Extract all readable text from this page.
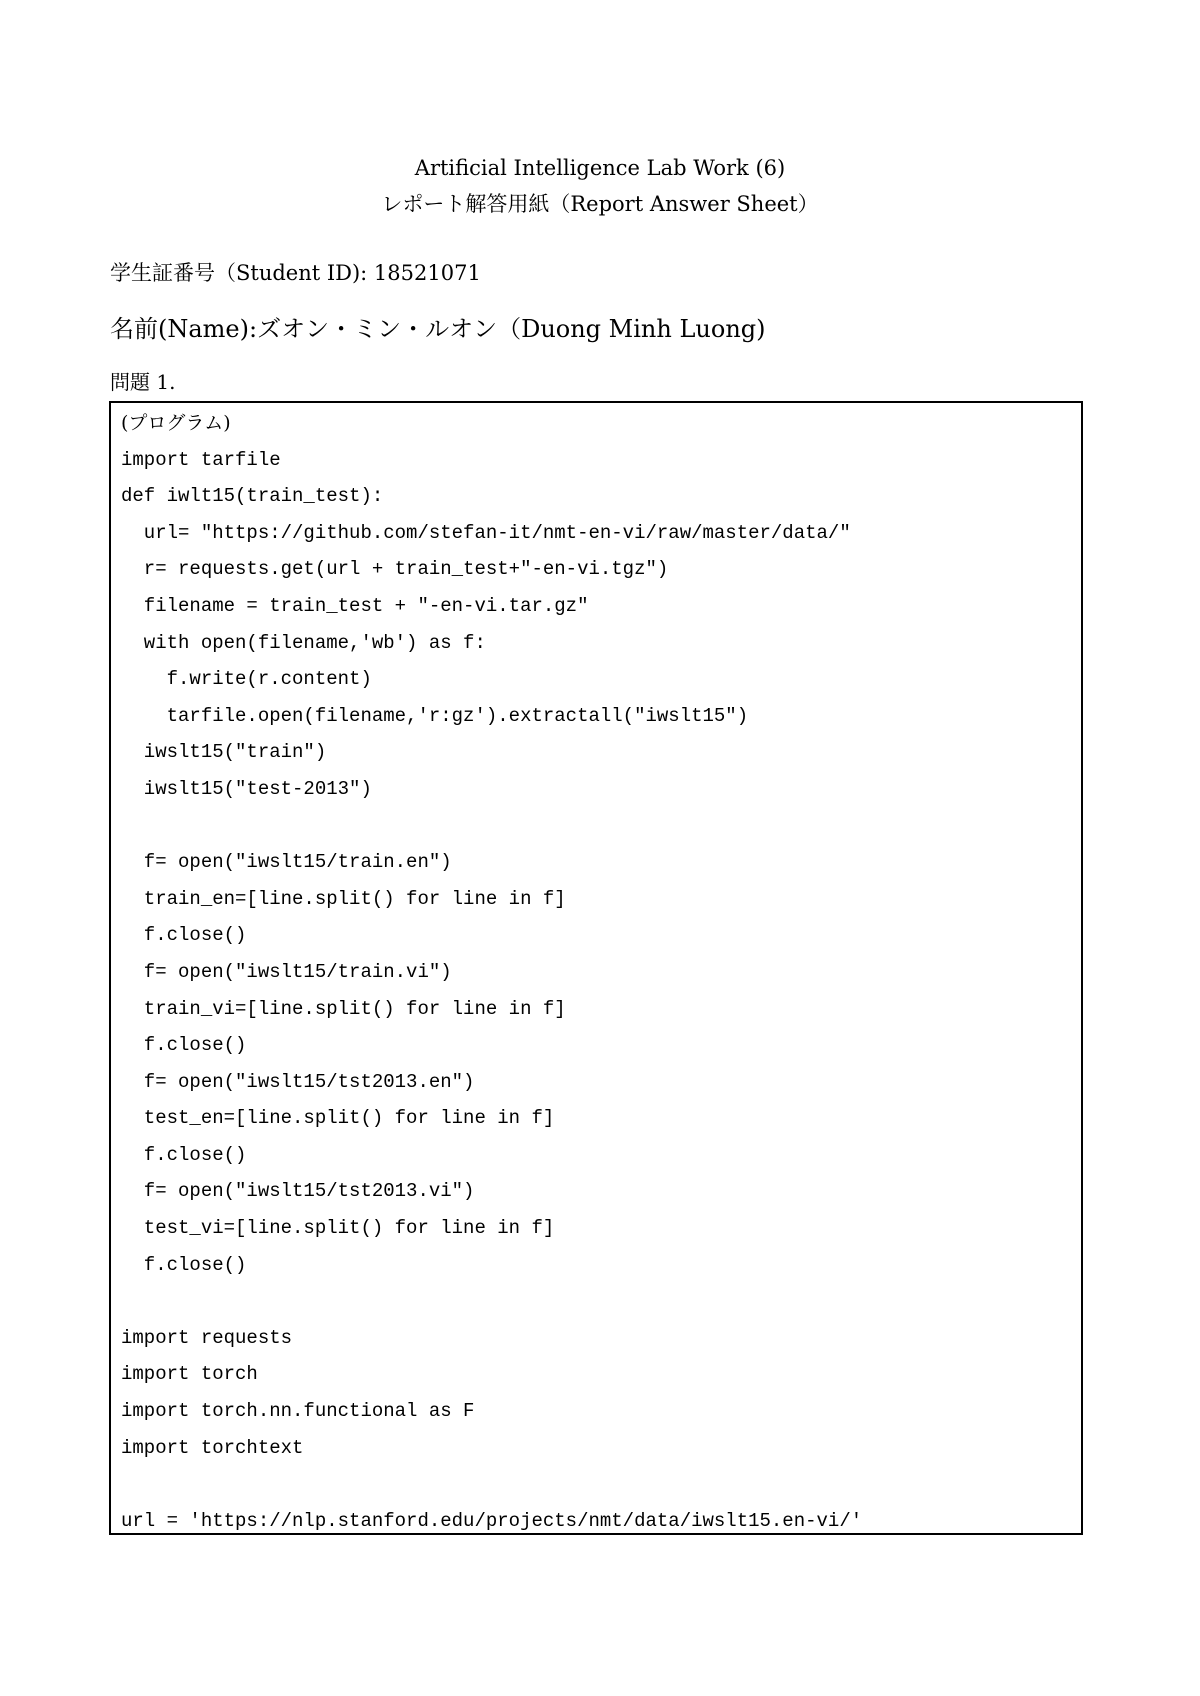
Artificial Intelligence Lab Work (6)
レポート解答用紙（Report Answer Sheet）
学生証番号（Student ID): 18521071
名前(Name):ズオン・ミン・ルオン（Duong Minh Luong)
問題 1.
(プログラム)
import tarfile
def iwlt15(train_test):
url= "https://github.com/stefan-it/nmt-en-vi/raw/master/data/"
r= requests.get(url + train_test+"-en-vi.tgz")
filename = train_test + "-en-vi.tar.gz"
with open(filename,'wb') as f:
f.write(r.content)
tarfile.open(filename,'r:gz').extractall("iwslt15")
iwslt15("train")
iwslt15("test-2013")
f= open("iwslt15/train.en")
train_en=[line.split() for line in f]
f.close()
f= open("iwslt15/train.vi")
train_vi=[line.split() for line in f]
f.close()
f= open("iwslt15/tst2013.en")
test_en=[line.split() for line in f]
f.close()
f= open("iwslt15/tst2013.vi")
test_vi=[line.split() for line in f]
f.close()
import requests
import torch
import torch.nn.functional as F
import torchtext
url = 'https://nlp.stanford.edu/projects/nmt/data/iwslt15.en-vi/'
